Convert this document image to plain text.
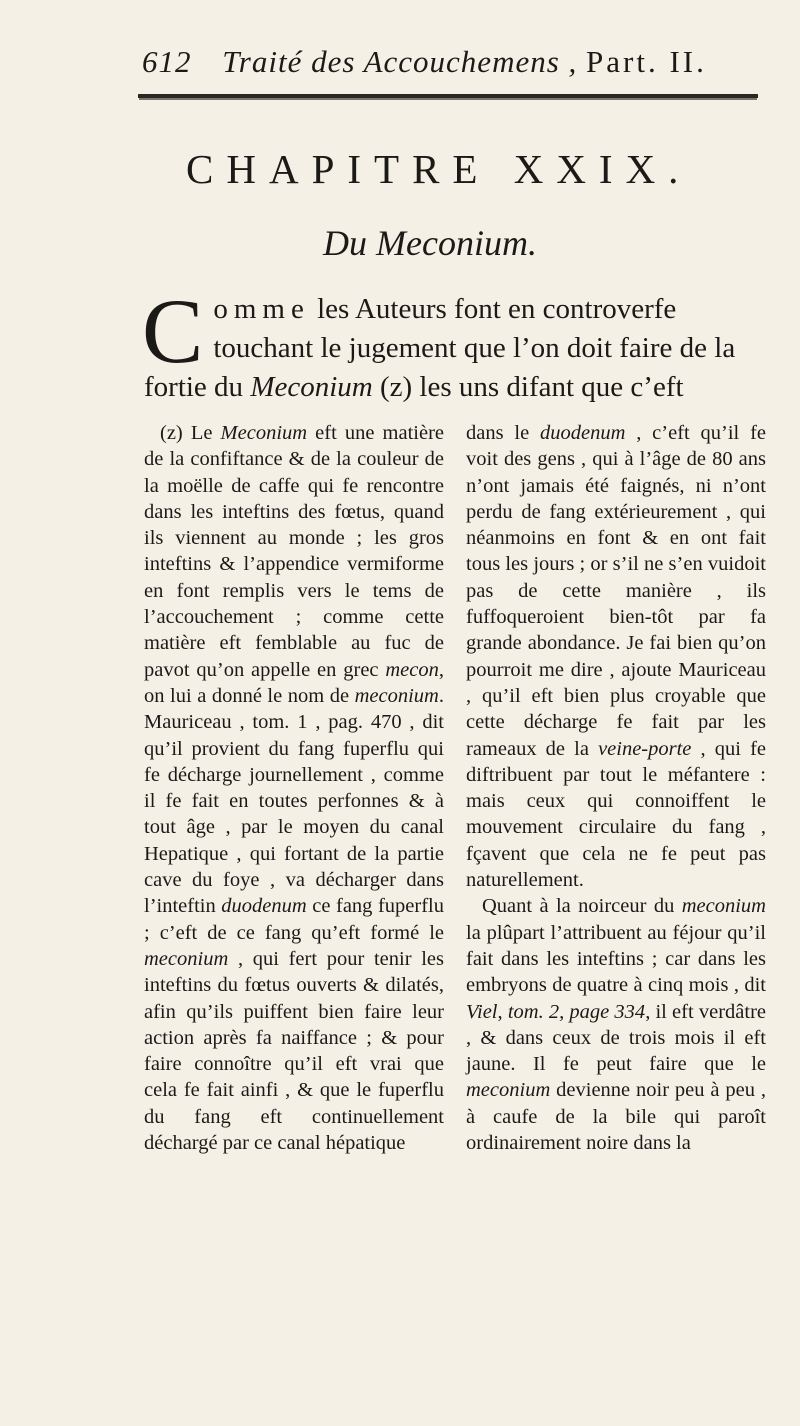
612 Traité des Accouchemens , Part. II.
CHAPITRE XXIX.
Du Meconium.

Comme les Auteurs font en controverfe touchant le jugement que l’on doit faire de la fortie du Meconium (z) les uns difant que c’eft

(z) Le Meconium eft une matière de la confiftance & de la couleur de la moëlle de caffe qui fe rencontre dans les inteftins des fœtus, quand ils viennent au monde ; les gros inteftins & l’appendice vermiforme en font remplis vers le tems de l’accouchement ; comme cette matière eft femblable au fuc de pavot qu’on appelle en grec mecon, on lui a donné le nom de meconium. Mauriceau , tom. 1 , pag. 470 , dit qu’il provient du fang fuperflu qui fe décharge journellement , comme il fe fait en toutes perfonnes & à tout âge , par le moyen du canal Hepatique , qui fortant de la partie cave du foye , va décharger dans l’inteftin duodenum ce fang fuperflu ; c’eft de ce fang qu’eft formé le meconium , qui fert pour tenir les inteftins du fœtus ouverts & dilatés, afin qu’ils puiffent bien faire leur action après fa naiffance ; & pour faire connoître qu’il eft vrai que cela fe fait ainfi , & que le fuperflu du fang eft continuellement déchargé par ce canal hépatique

dans le duodenum , c’eft qu’il fe voit des gens , qui à l’âge de 80 ans n’ont jamais été faignés, ni n’ont perdu de fang extérieurement , qui néanmoins en font & en ont fait tous les jours ; or s’il ne s’en vuidoit pas de cette manière , ils fuffoqueroient bien-tôt par fa grande abondance. Je fai bien qu’on pourroit me dire , ajoute Mauriceau , qu’il eft bien plus croyable que cette décharge fe fait par les rameaux de la veine-porte , qui fe diftribuent par tout le méfantere : mais ceux qui connoiffent le mouvement circulaire du fang , fçavent que cela ne fe peut pas naturellement.

Quant à la noirceur du meconium la plûpart l’attribuent au féjour qu’il fait dans les inteftins ; car dans les embryons de quatre à cinq mois , dit Viel, tom. 2, page 334, il eft verdâtre , & dans ceux de trois mois il eft jaune. Il fe peut faire que le meconium devienne noir peu à peu , à caufe de la bile qui paroît ordinairement noire dans la
